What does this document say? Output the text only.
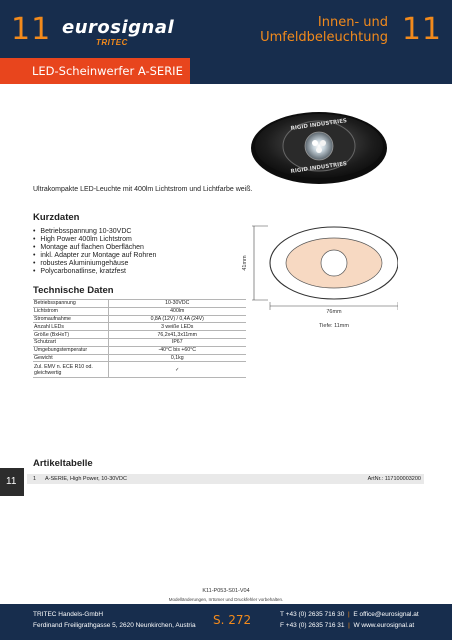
11 eurosignal
TRITEC
Innen- und
Umfeldbeleuchtung 11
LED-Scheinwerfer A-SERIE
RIGID INDUSTRIES
RIGID INDUSTRIES
Ultrakompakte LED-Leuchte mit 400lm Lichtstrom und Lichtfarbe weiß.
Kurzdaten
• Betriebsspannung 10-30VDC
• High Power 400lm Lichtstrom
• Montage auf flachen Oberflächen
• inkl. Adapter zur Montage auf Rohren
• robustes Aluminiumgehäuse
• Polycarbonatlinse, kratzfest
41mm
76mm
Tiefe: 11mm
Technische Daten
Betriebsspannung	10-30VDC
Lichtstrom	400lm
Stromaufnahme	0,8A (12V) / 0,4A (24V)
Anzahl LEDs	3 weiße LEDs
Größe (BxHxT)	76,2x41,3x11mm
Schutzart	IP67
Umgebungstemperatur	-40°C bis +60°C
Gewicht	0,1kg
Zul. EMV n. ECE R10 od. gleichwertig	✓
11
Artikeltabelle
1 A-SERIE, High Power, 10-30VDC	ArtNr.: 117100003200
K11-P053-S01-V04
Modelländerungen, Irrtümer und Druckfehler vorbehalten.
TRITEC Handels-GmbH
Ferdinand Freiligrathgasse 5, 2620 Neunkirchen, Austria S. 272	T +43 (0) 2635 716 30 | E office@eurosignal.at
F +43 (0) 2635 716 31 | W www.eurosignal.at
